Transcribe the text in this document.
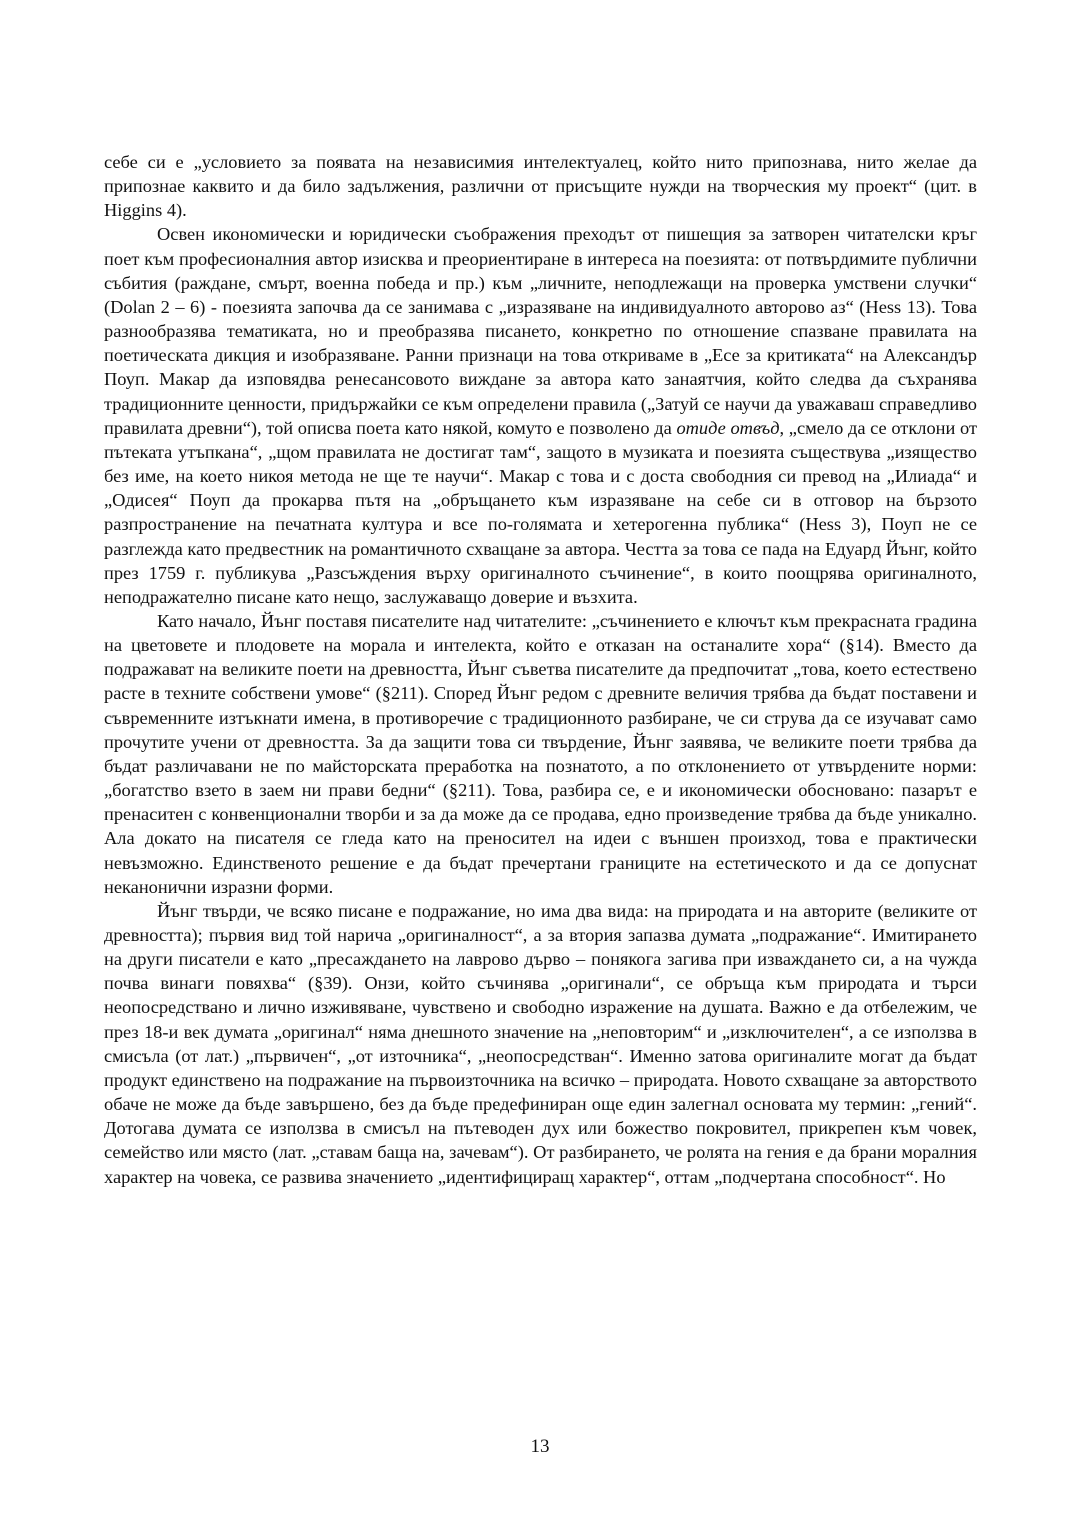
себе си е „условието за появата на независимия интелектуалец, който нито припознава, нито желае да припознае каквито и да било задължения, различни от присъщите нужди на творческия му проект“ (цит. в Higgins 4).

Освен икономически и юридически съображения преходът от пишещия за затворен читателски кръг поет към професионалния автор изисква и преориентиране в интереса на поезията: от потвърдимите публични събития (раждане, смърт, военна победа и пр.) към „личните, неподлежащи на проверка умствени случки“ (Dolan 2 – 6) - поезията започва да се занимава с „изразяване на индивидуалното авторово аз“ (Hess 13). Това разнообразява тематиката, но и преобразява писането, конкретно по отношение спазване правилата на поетическата дикция и изобразяване. Ранни признаци на това откриваме в „Есе за критиката“ на Александър Поуп. Макар да изповядва ренесансовото виждане за автора като занаятчия, който следва да съхранява традиционните ценности, придържайки се към определени правила („Затуй се научи да уважаваш справедливо правилата древни“), той описва поета като някой, комуто е позволено да отиде отвъд, „смело да се отклони от пътеката утъпкана“, „щом правилата не достигат там“, защото в музиката и поезията съществува „изящество без име, на което никоя метода не ще те научи“. Макар с това и с доста свободния си превод на „Илиада“ и „Одисея“ Поуп да прокарва пътя на „обръщането към изразяване на себе си в отговор на бързото разпространение на печатната култура и все по-голямата и хетерогенна публика“ (Hess 3), Поуп не се разглежда като предвестник на романтичното схващане за автора. Честта за това се пада на Едуард Йънг, който през 1759 г. публикува „Разсъждения върху оригиналното съчинение“, в които поощрява оригиналното, неподражателно писане като нещо, заслужаващо доверие и възхита.

Като начало, Йънг поставя писателите над читателите: „съчинението е ключът към прекрасната градина на цветовете и плодовете на морала и интелекта, който е отказан на останалите хора“ (§14). Вместо да подражават на великите поети на древността, Йънг съветва писателите да предпочитат „това, което естествено расте в техните собствени умове“ (§211). Според Йънг редом с древните величия трябва да бъдат поставени и съвременните изтъкнати имена, в противоречие с традиционното разбиране, че си струва да се изучават само прочутите учени от древността. За да защити това си твърдение, Йънг заявява, че великите поети трябва да бъдат различавани не по майсторската преработка на познатото, а по отклонението от утвърдените норми: „богатство взето в заем ни прави бедни“ (§211). Това, разбира се, е и икономически обосновано: пазарът е пренаситен с конвенционални творби и за да може да се продава, едно произведение трябва да бъде уникално. Ала докато на писателя се гледа като на преносител на идеи с външен произход, това е практически невъзможно. Единственото решение е да бъдат пречертани границите на естетическото и да се допуснат неканонични изразни форми.

Йънг твърди, че всяко писане е подражание, но има два вида: на природата и на авторите (великите от древността); първия вид той нарича „оригиналност“, а за втория запазва думата „подражание“. Имитирането на други писатели е като „пресаждането на лаврово дърво – понякога загива при изваждането си, а на чужда почва винаги повяхва“ (§39). Онзи, който съчинява „оригинали“, се обръща към природата и търси неопосредствано и лично изживяване, чувствено и свободно изражение на душата. Важно е да отбележим, че през 18-и век думата „оригинал“ няма днешното значение на „неповторим“ и „изключителен“, а се използва в смисъла (от лат.) „първичен“, „от източника“, „неопосредстван“. Именно затова оригиналите могат да бъдат продукт единствено на подражание на първоизточника на всичко – природата. Новото схващане за авторството обаче не може да бъде завършено, без да бъде предефиниран още един залегнал основата му термин: „гений“. Дотогава думата се използва в смисъл на пътеводен дух или божество покровител, прикрепен към човек, семейство или място (лат. „ставам баща на, зачевам“). От разбирането, че ролята на гения е да брани моралния характер на човека, се развива значението „идентифициращ характер“, оттам „подчертана способност“. Но

13
